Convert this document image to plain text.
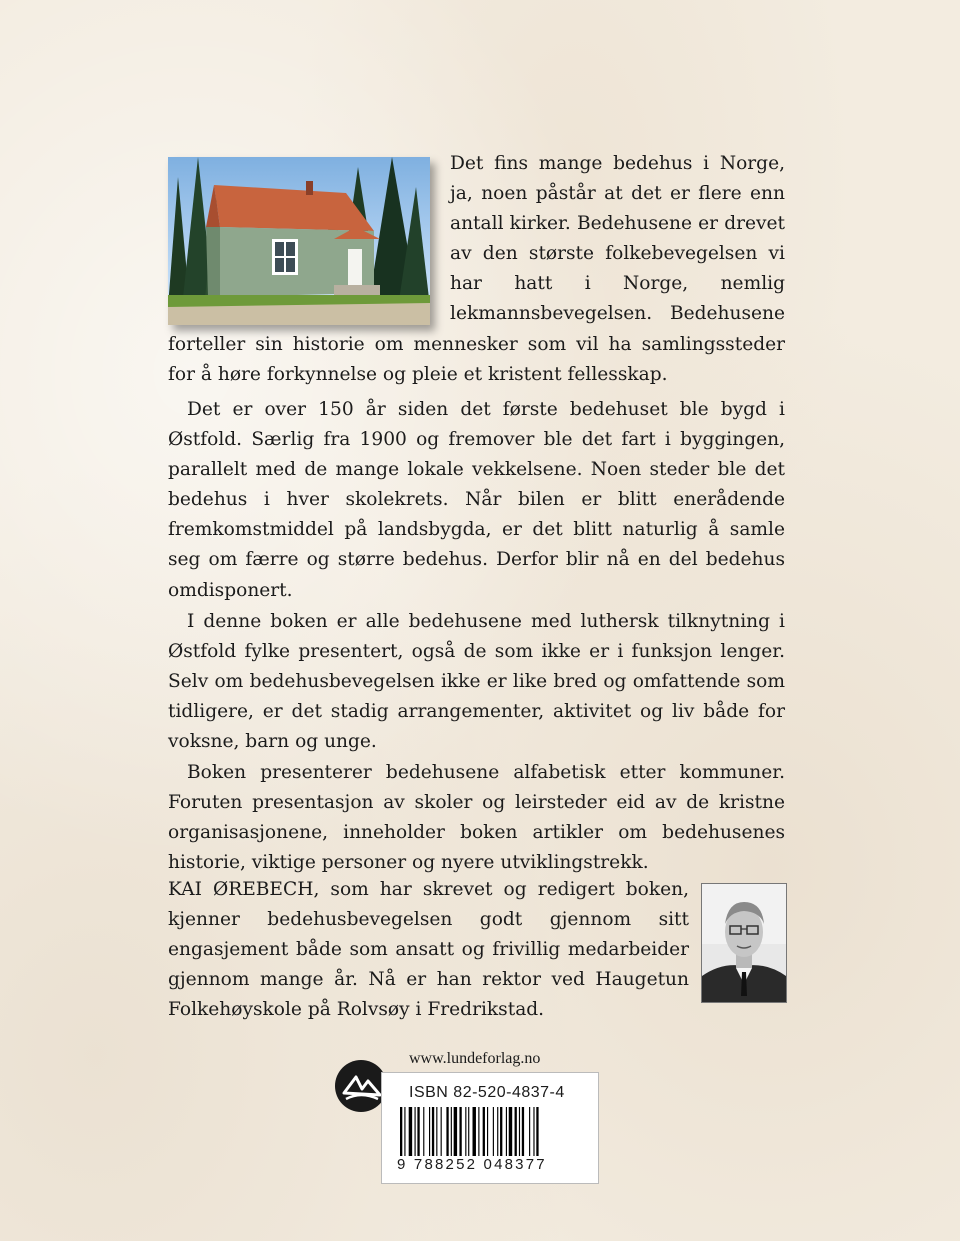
Det fins mange bedehus i Norge, ja, noen påstår at det er flere enn antall kirker. Bedehusene er drevet av den største folkebevegelsen vi har hatt i Norge, nemlig lekmannsbevegelsen. Bedehusene forteller sin historie om mennesker som vil ha samlingssteder for å høre forkynnelse og pleie et kristent fellesskap.

Det er over 150 år siden det første bedehuset ble bygd i Østfold. Særlig fra 1900 og fremover ble det fart i byggingen, parallelt med de mange lokale vekkelsene. Noen steder ble det bedehus i hver skolekrets. Når bilen er blitt enerådende fremkomstmiddel på landsbygda, er det blitt naturlig å samle seg om færre og større bedehus. Derfor blir nå en del bedehus omdisponert.

I denne boken er alle bedehusene med luthersk tilknytning i Østfold fylke presentert, også de som ikke er i funksjon lenger. Selv om bedehusbevegelsen ikke er like bred og omfattende som tidligere, er det stadig arrangementer, aktivitet og liv både for voksne, barn og unge.

Boken presenterer bedehusene alfabetisk etter kommuner. Foruten presentasjon av skoler og leirsteder eid av de kristne organisasjonene, inneholder boken artikler om bedehusenes historie, viktige personer og nyere utviklingstrekk.

KAI ØREBECH, som har skrevet og redigert boken, kjenner bedehusbevegelsen godt gjennom sitt engasjement både som ansatt og frivillig medarbeider gjennom mange år. Nå er han rektor ved Haugetun Folkehøyskole på Rolvsøy i Fredrikstad.

www.lundeforlag.no
ISBN 82-520-4837-4
9 788252 048377
